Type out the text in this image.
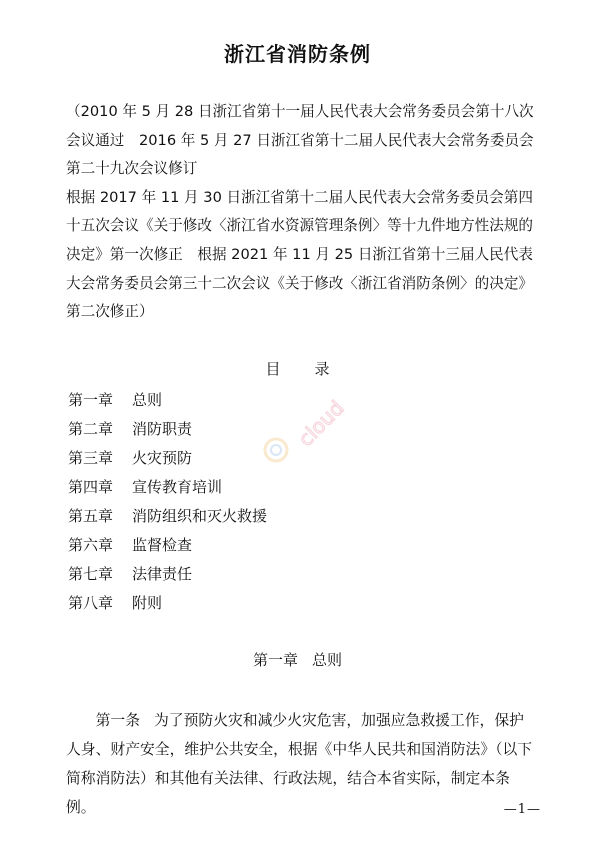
浙江省消防条例

（2010 年 5 月 28 日浙江省第十一届人民代表大会常务委员会第十八次会议通过　2016 年 5 月 27 日浙江省第十二届人民代表大会常务委员会第二十九次会议修订

根据 2017 年 11 月 30 日浙江省第十二届人民代表大会常务委员会第四十五次会议《关于修改〈浙江省水资源管理条例〉等十九件地方性法规的决定》第一次修正　根据 2021 年 11 月 25 日浙江省第十三届人民代表大会常务委员会第三十二次会议《关于修改〈浙江省消防条例〉的决定》第二次修正）

目 录
第一章	总则
第二章	消防职责
第三章	火灾预防
第四章	宣传教育培训
第五章	消防组织和灭火救援
第六章	监督检查
第七章	法律责任
第八章	附则
cloud
第一章 总则

第一条 为了预防火灾和减少火灾危害，加强应急救援工作，保护人身、财产安全，维护公共安全，根据《中华人民共和国消防法》（以下简称消防法）和其他有关法律、行政法规，结合本省实际，制定本条例。	—1—
